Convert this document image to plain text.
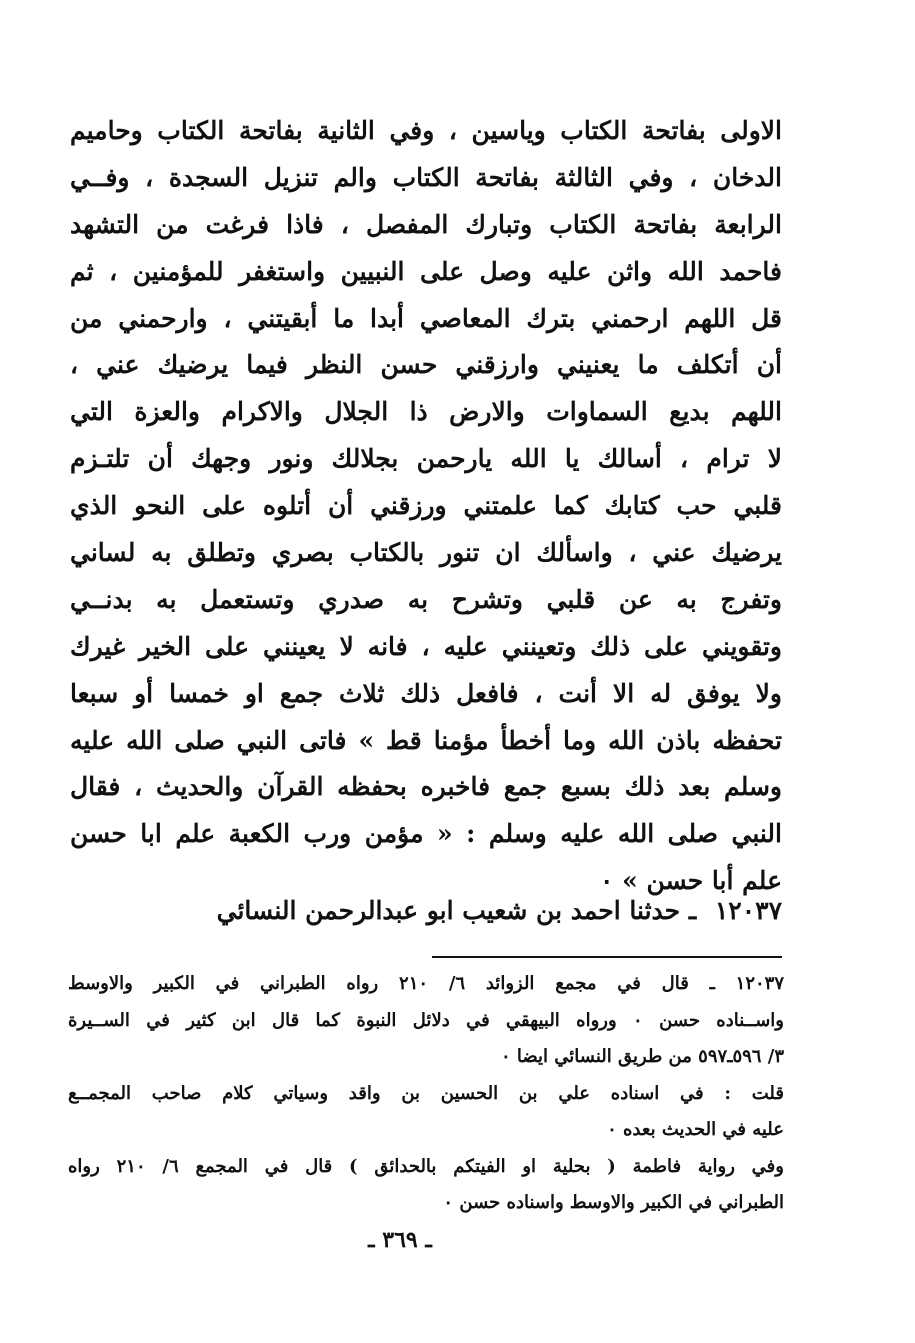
الاولى بفاتحة الكتاب وياسين ، وفي الثانية بفاتحة الكتاب وحاميم
الدخان ، وفي الثالثة بفاتحة الكتاب والم تنزيل السجدة ، وفــي
الرابعة بفاتحة الكتاب وتبارك المفصل ، فاذا فرغت من التشهد
فاحمد الله واثن عليه وصل على النبيين واستغفر للمؤمنين ، ثم
قل اللهم ارحمني بترك المعاصي أبدا ما أبقيتني ، وارحمني من
أن أتكلف ما يعنيني وارزقني حسن النظر فيما يرضيك عني ،
اللهم بديع السماوات والارض ذا الجلال والاكرام والعزة التي
لا ترام ، أسالك يا الله يارحمن بجلالك ونور وجهك أن تلتـزم
قلبي حب كتابك كما علمتني ورزقني أن أتلوه على النحو الذي
يرضيك عني ، واسألك ان تنور بالكتاب بصري وتطلق به لساني
وتفرج به عن قلبي وتشرح به صدري وتستعمل به بدنــي
وتقويني على ذلك وتعينني عليه ، فانه لا يعينني على الخير غيرك
ولا يوفق له الا أنت ، فافعل ذلك ثلاث جمع او خمسا أو سبعا
تحفظه باذن الله وما أخطأ مؤمنا قط » فاتى النبي صلى الله عليه
وسلم بعد ذلك بسبع جمع فاخبره بحفظه القرآن والحديث ، فقال
النبي صلى الله عليه وسلم : « مؤمن ورب الكعبة علم ابا حسن
علم أبا حسن » ٠
١٢٠٣٧ ـ حدثنا احمد بن شعيب ابو عبدالرحمن النسائي
١٢٠٣٧ ـ قال في مجمع الزوائد ٦/ ٢١٠ رواه الطبراني في الكبير والاوسط
واســناده حسن ٠ ورواه البيهقي في دلائل النبوة كما قال ابن كثير في الســيرة
٣/ ٥٩٦ـ٥٩٧ من طريق النسائي ايضا ٠
قلت : في اسناده علي بن الحسين بن واقد وسياتي كلام صاحب المجمــع
عليه في الحديث بعده ٠
وفي رواية فاطمة ( بحلية او الفيتكم بالحدائق ) قال في المجمع ٦/ ٢١٠ رواه
الطبراني في الكبير والاوسط واسناده حسن ٠
ـ ٣٦٩ ـ
